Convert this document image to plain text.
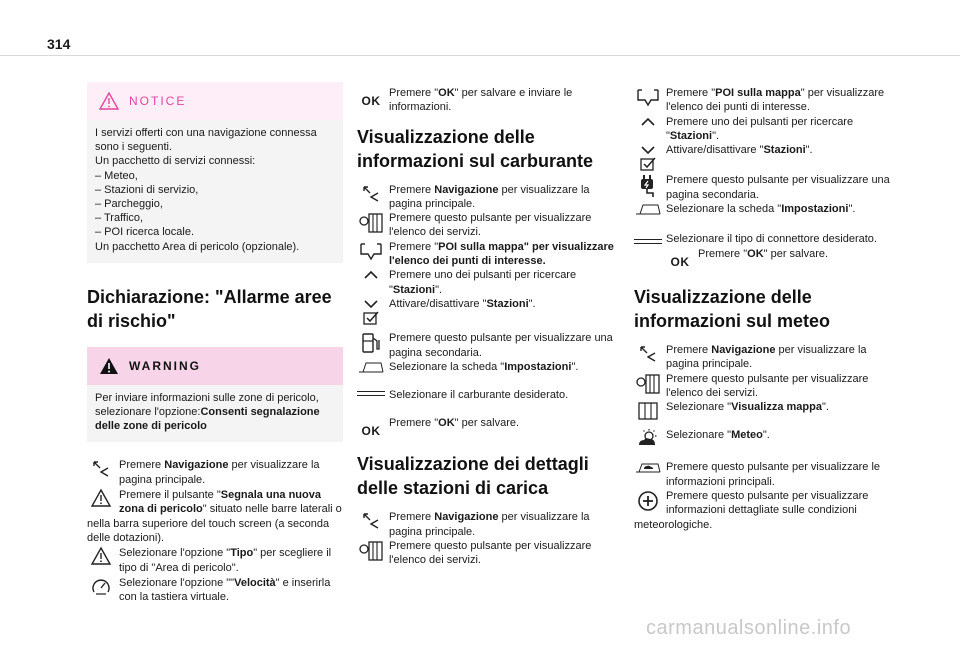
314
NOTICE
I servizi offerti con una navigazione connessa sono i seguenti.
Un pacchetto di servizi connessi:
– Meteo,
– Stazioni di servizio,
– Parcheggio,
– Traffico,
– POI ricerca locale.
Un pacchetto Area di pericolo (opzionale).
Dichiarazione: "Allarme aree di rischio"
WARNING
Per inviare informazioni sulle zone di pericolo, selezionare l'opzione:Consenti segnalazione delle zone di pericolo

Premere Navigazione per visualizzare la pagina principale.

Premere il pulsante "Segnala una nuova zona di pericolo" situato nelle barre laterali o nella barra superiore del touch screen (a seconda delle dotazioni).

Selezionare l'opzione "Tipo" per scegliere il tipo di "Area di pericolo".

Selezionare l'opzione ""Velocità" e inserirla con la tastiera virtuale.

OK

Premere "OK" per salvare e inviare le informazioni.

Visualizzazione delle informazioni sul carburante

Premere Navigazione per visualizzare la pagina principale.

Premere questo pulsante per visualizzare l'elenco dei servizi.

Premere "POI sulla mappa" per visualizzare l'elenco dei punti di interesse.

Premere uno dei pulsanti per ricercare "Stazioni".

Attivare/disattivare "Stazioni".

Premere questo pulsante per visualizzare una pagina secondaria.

Selezionare la scheda "Impostazioni".

Selezionare il carburante desiderato.

OK

Premere "OK" per salvare.

Visualizzazione dei dettagli delle stazioni di carica

Premere Navigazione per visualizzare la pagina principale.

Premere questo pulsante per visualizzare l'elenco dei servizi.

Premere "POI sulla mappa" per visualizzare l'elenco dei punti di interesse.

Premere uno dei pulsanti per ricercare "Stazioni".

Attivare/disattivare "Stazioni".

Premere questo pulsante per visualizzare una pagina secondaria.

Selezionare la scheda "Impostazioni".

Selezionare il tipo di connettore desiderato.

OK

Premere "OK" per salvare.

Visualizzazione delle informazioni sul meteo

Premere Navigazione per visualizzare la pagina principale.

Premere questo pulsante per visualizzare l'elenco dei servizi.

Selezionare "Visualizza mappa".

Selezionare "Meteo".

Premere questo pulsante per visualizzare le informazioni principali.

Premere questo pulsante per visualizzare informazioni dettagliate sulle condizioni meteorologiche.

carmanualsonline.info
